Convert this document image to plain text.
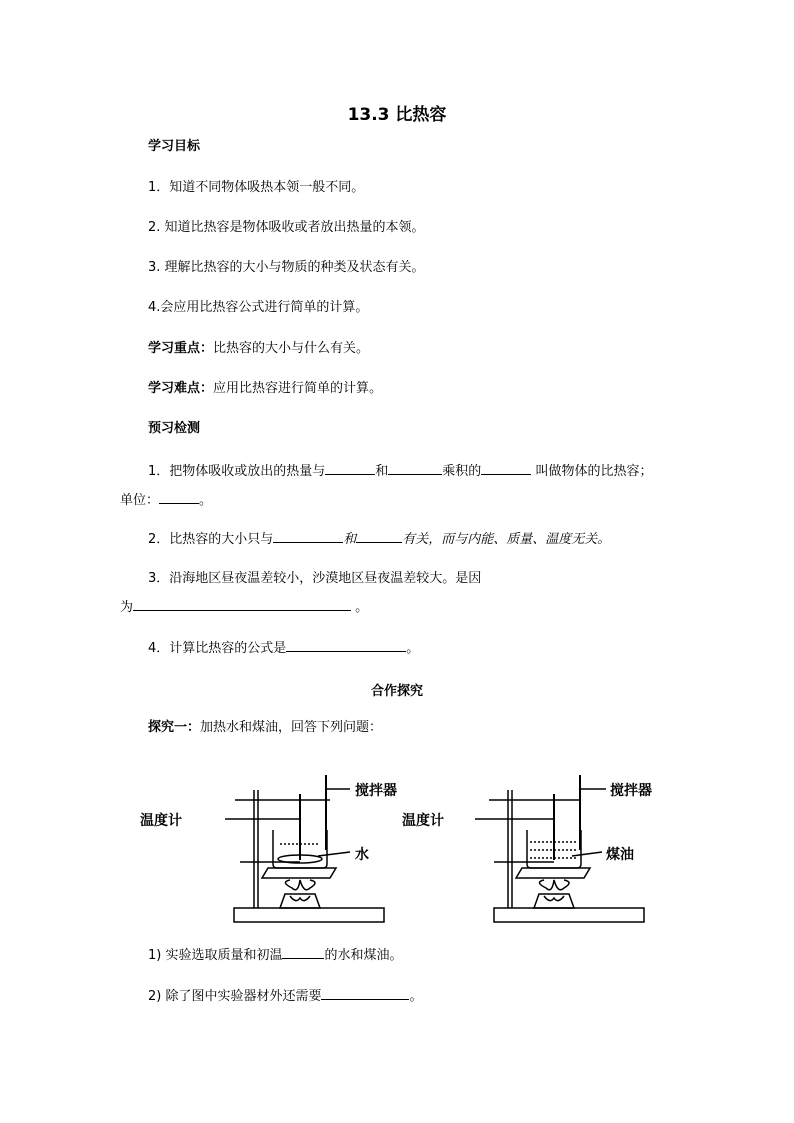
13.3 比热容
学习目标
1．知道不同物体吸热本领一般不同。
2. 知道比热容是物体吸收或者放出热量的本领。
3. 理解比热容的大小与物质的种类及状态有关。
4.会应用比热容公式进行简单的计算。
学习重点：比热容的大小与什么有关。
学习难点：应用比热容进行简单的计算。
预习检测
1．把物体吸收或放出的热量与	和	乘积的	叫做物体的比热容；
单位：	。
2．比热容的大小只与	和	有关，而与内能、质量、温度无关。
3．沿海地区昼夜温差较小，沙漠地区昼夜温差较大。是因
为	。
4．计算比热容的公式是	。
合作探究
探究一：加热水和煤油，回答下列问题：
搅拌器
温度计
水
搅拌器
温度计
煤油
1) 实验选取质量和初温	的水和煤油。
2) 除了图中实验器材外还需要	。
